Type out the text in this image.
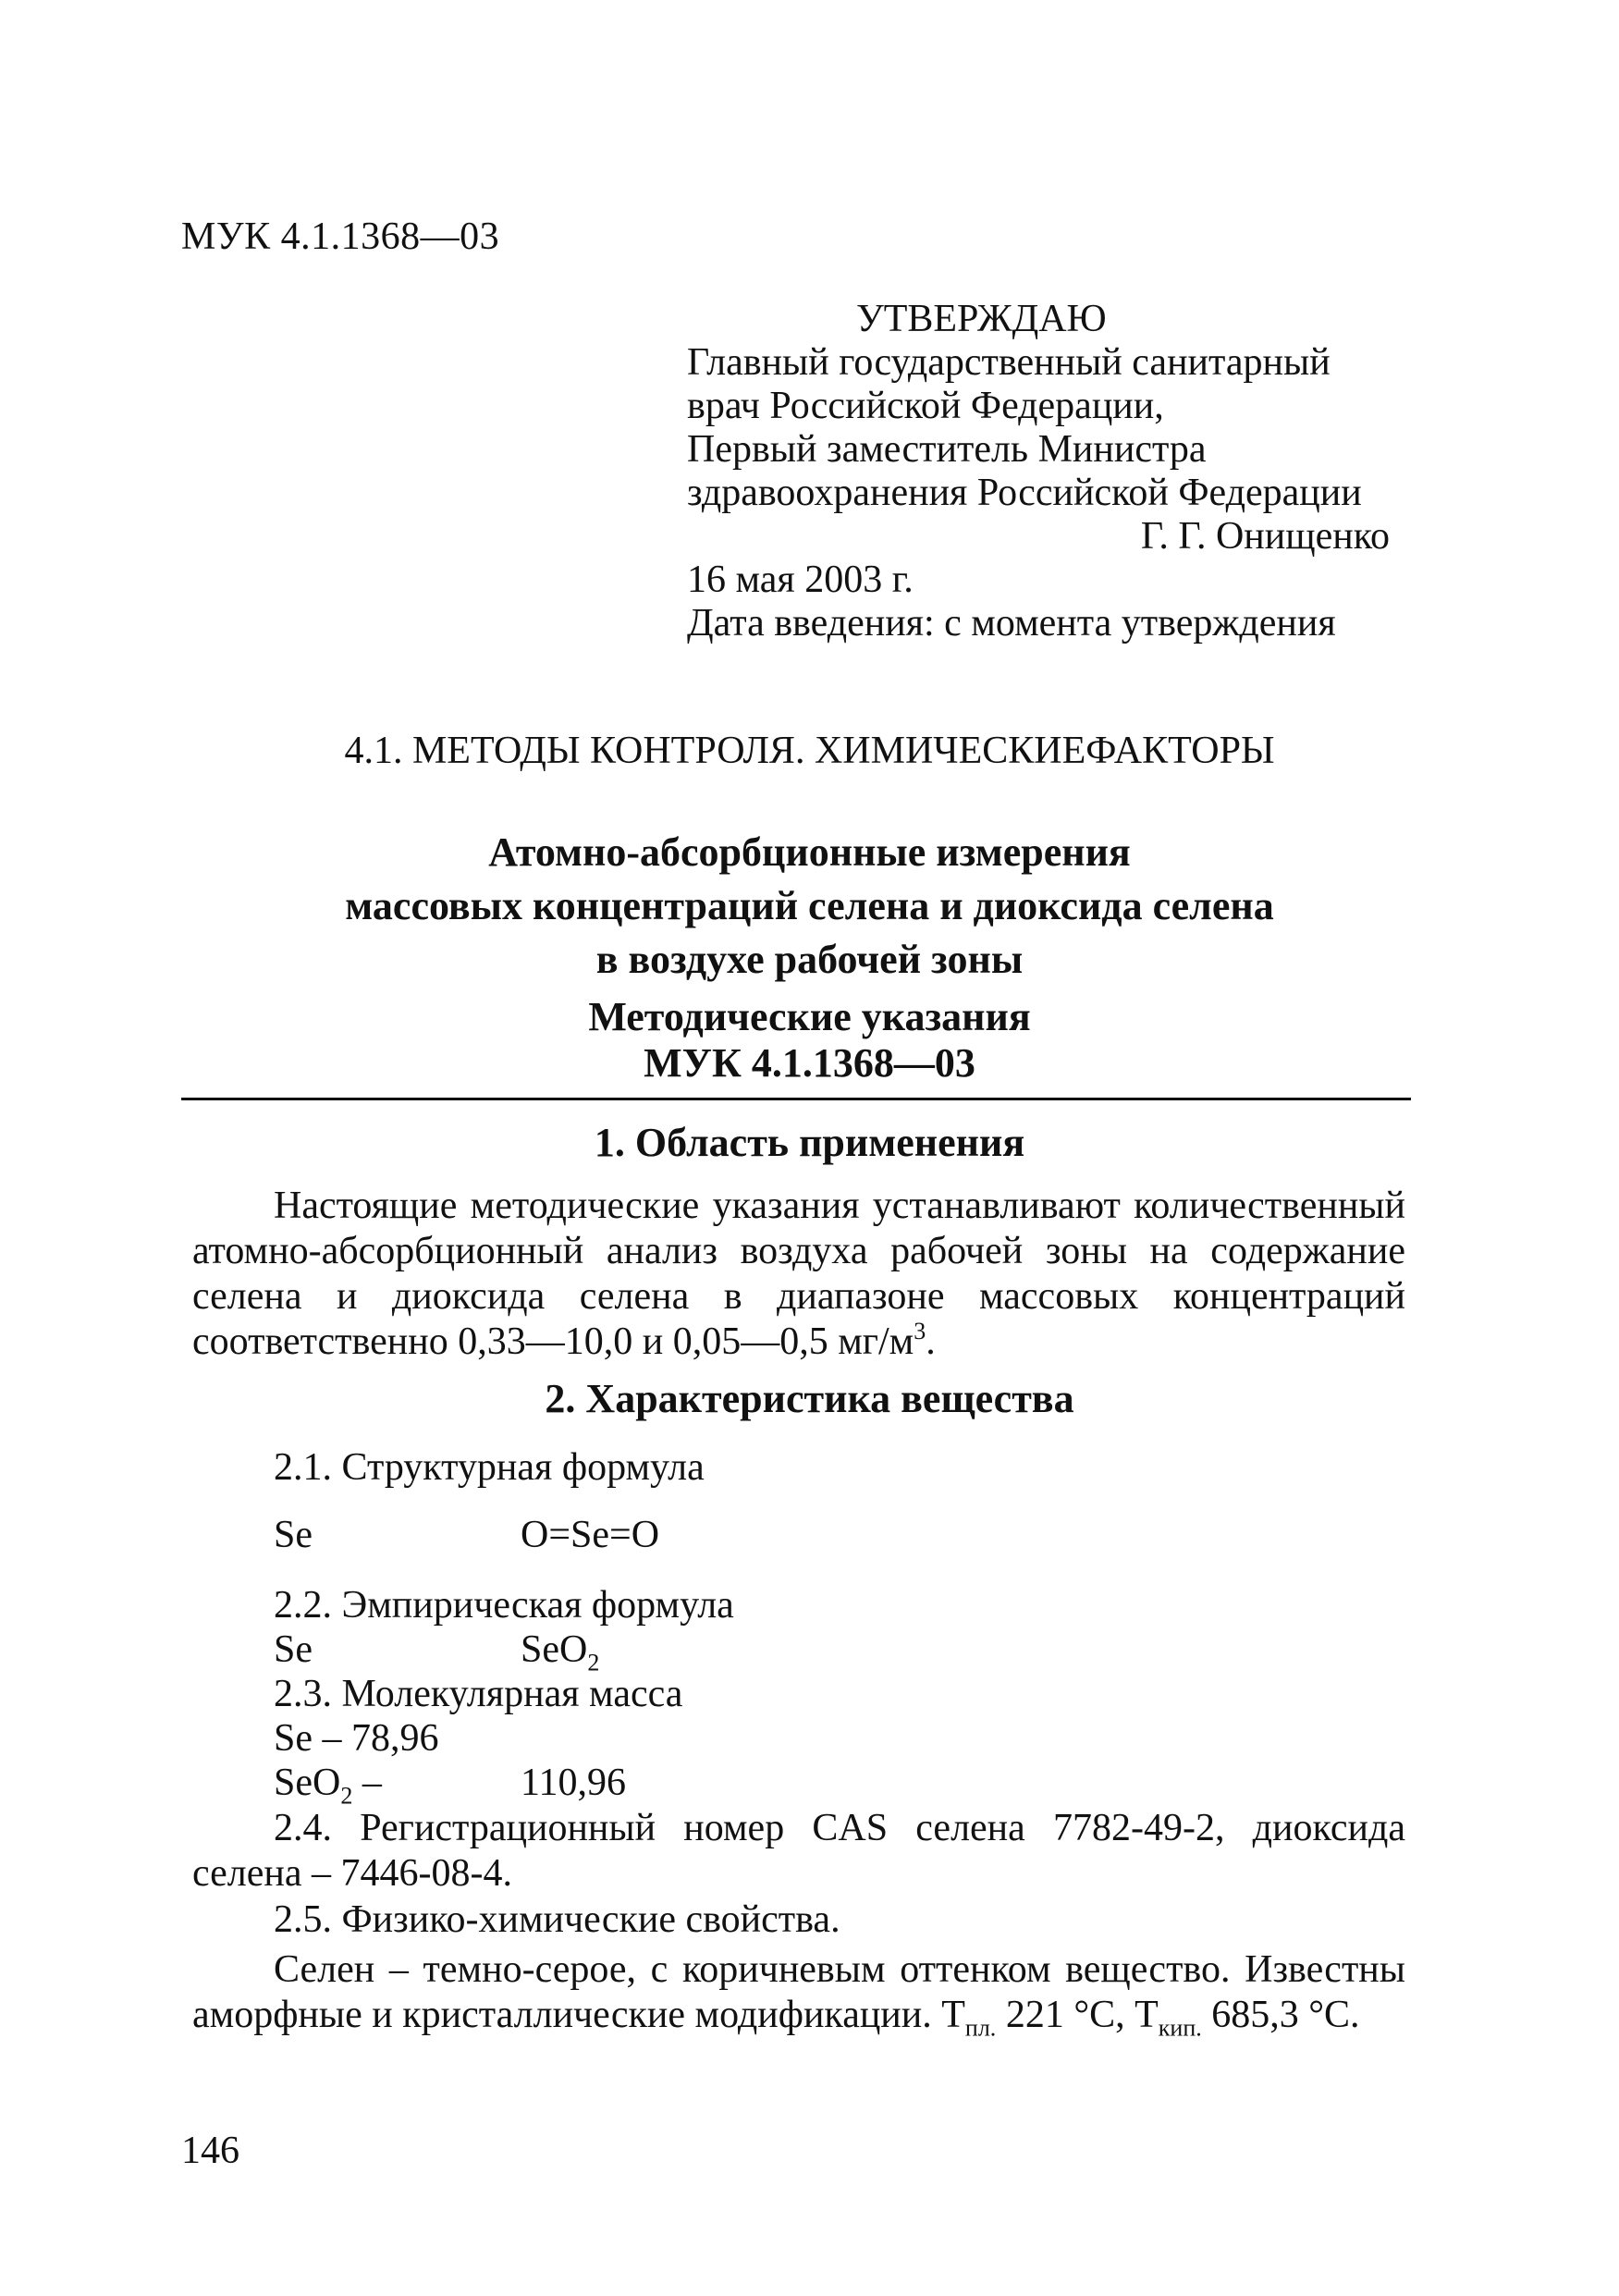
МУК 4.1.1368—03
УТВЕРЖДАЮ
Главный государственный санитарный
врач Российской Федерации,
Первый заместитель Министра
здравоохранения Российской Федерации
Г. Г. Онищенко
16 мая 2003 г.
Дата введения: с момента утверждения
4.1. МЕТОДЫ КОНТРОЛЯ. ХИМИЧЕСКИЕФАКТОРЫ
Атомно-абсорбционные измерения
массовых концентраций селена и диоксида селена
в воздухе рабочей зоны
Методические указания
МУК 4.1.1368—03
1. Область применения
Настоящие методические указания устанавливают количественный атомно-абсорбционный анализ воздуха рабочей зоны на содержание селена и диоксида селена в диапазоне массовых концентраций соответственно 0,33—10,0 и 0,05—0,5 $мг/м^3$.
2. Характеристика вещества
2.1. Структурная формула
Se	O=Se=O
2.2. Эмпирическая формула
Se	SeO$_2$
2.3. Молекулярная масса
Se – 78,96
SeO$_2$ –	110,96
2.4. Регистрационный номер CAS селена 7782-49-2, диоксида селена – 7446-08-4.
2.5. Физико-химические свойства.
Селен – темно-серое, с коричневым оттенком вещество. Известны аморфные и кристаллические модификации. $T_{пл.}$ 221 °С, $T_{кип.}$ 685,3 °С.
146
